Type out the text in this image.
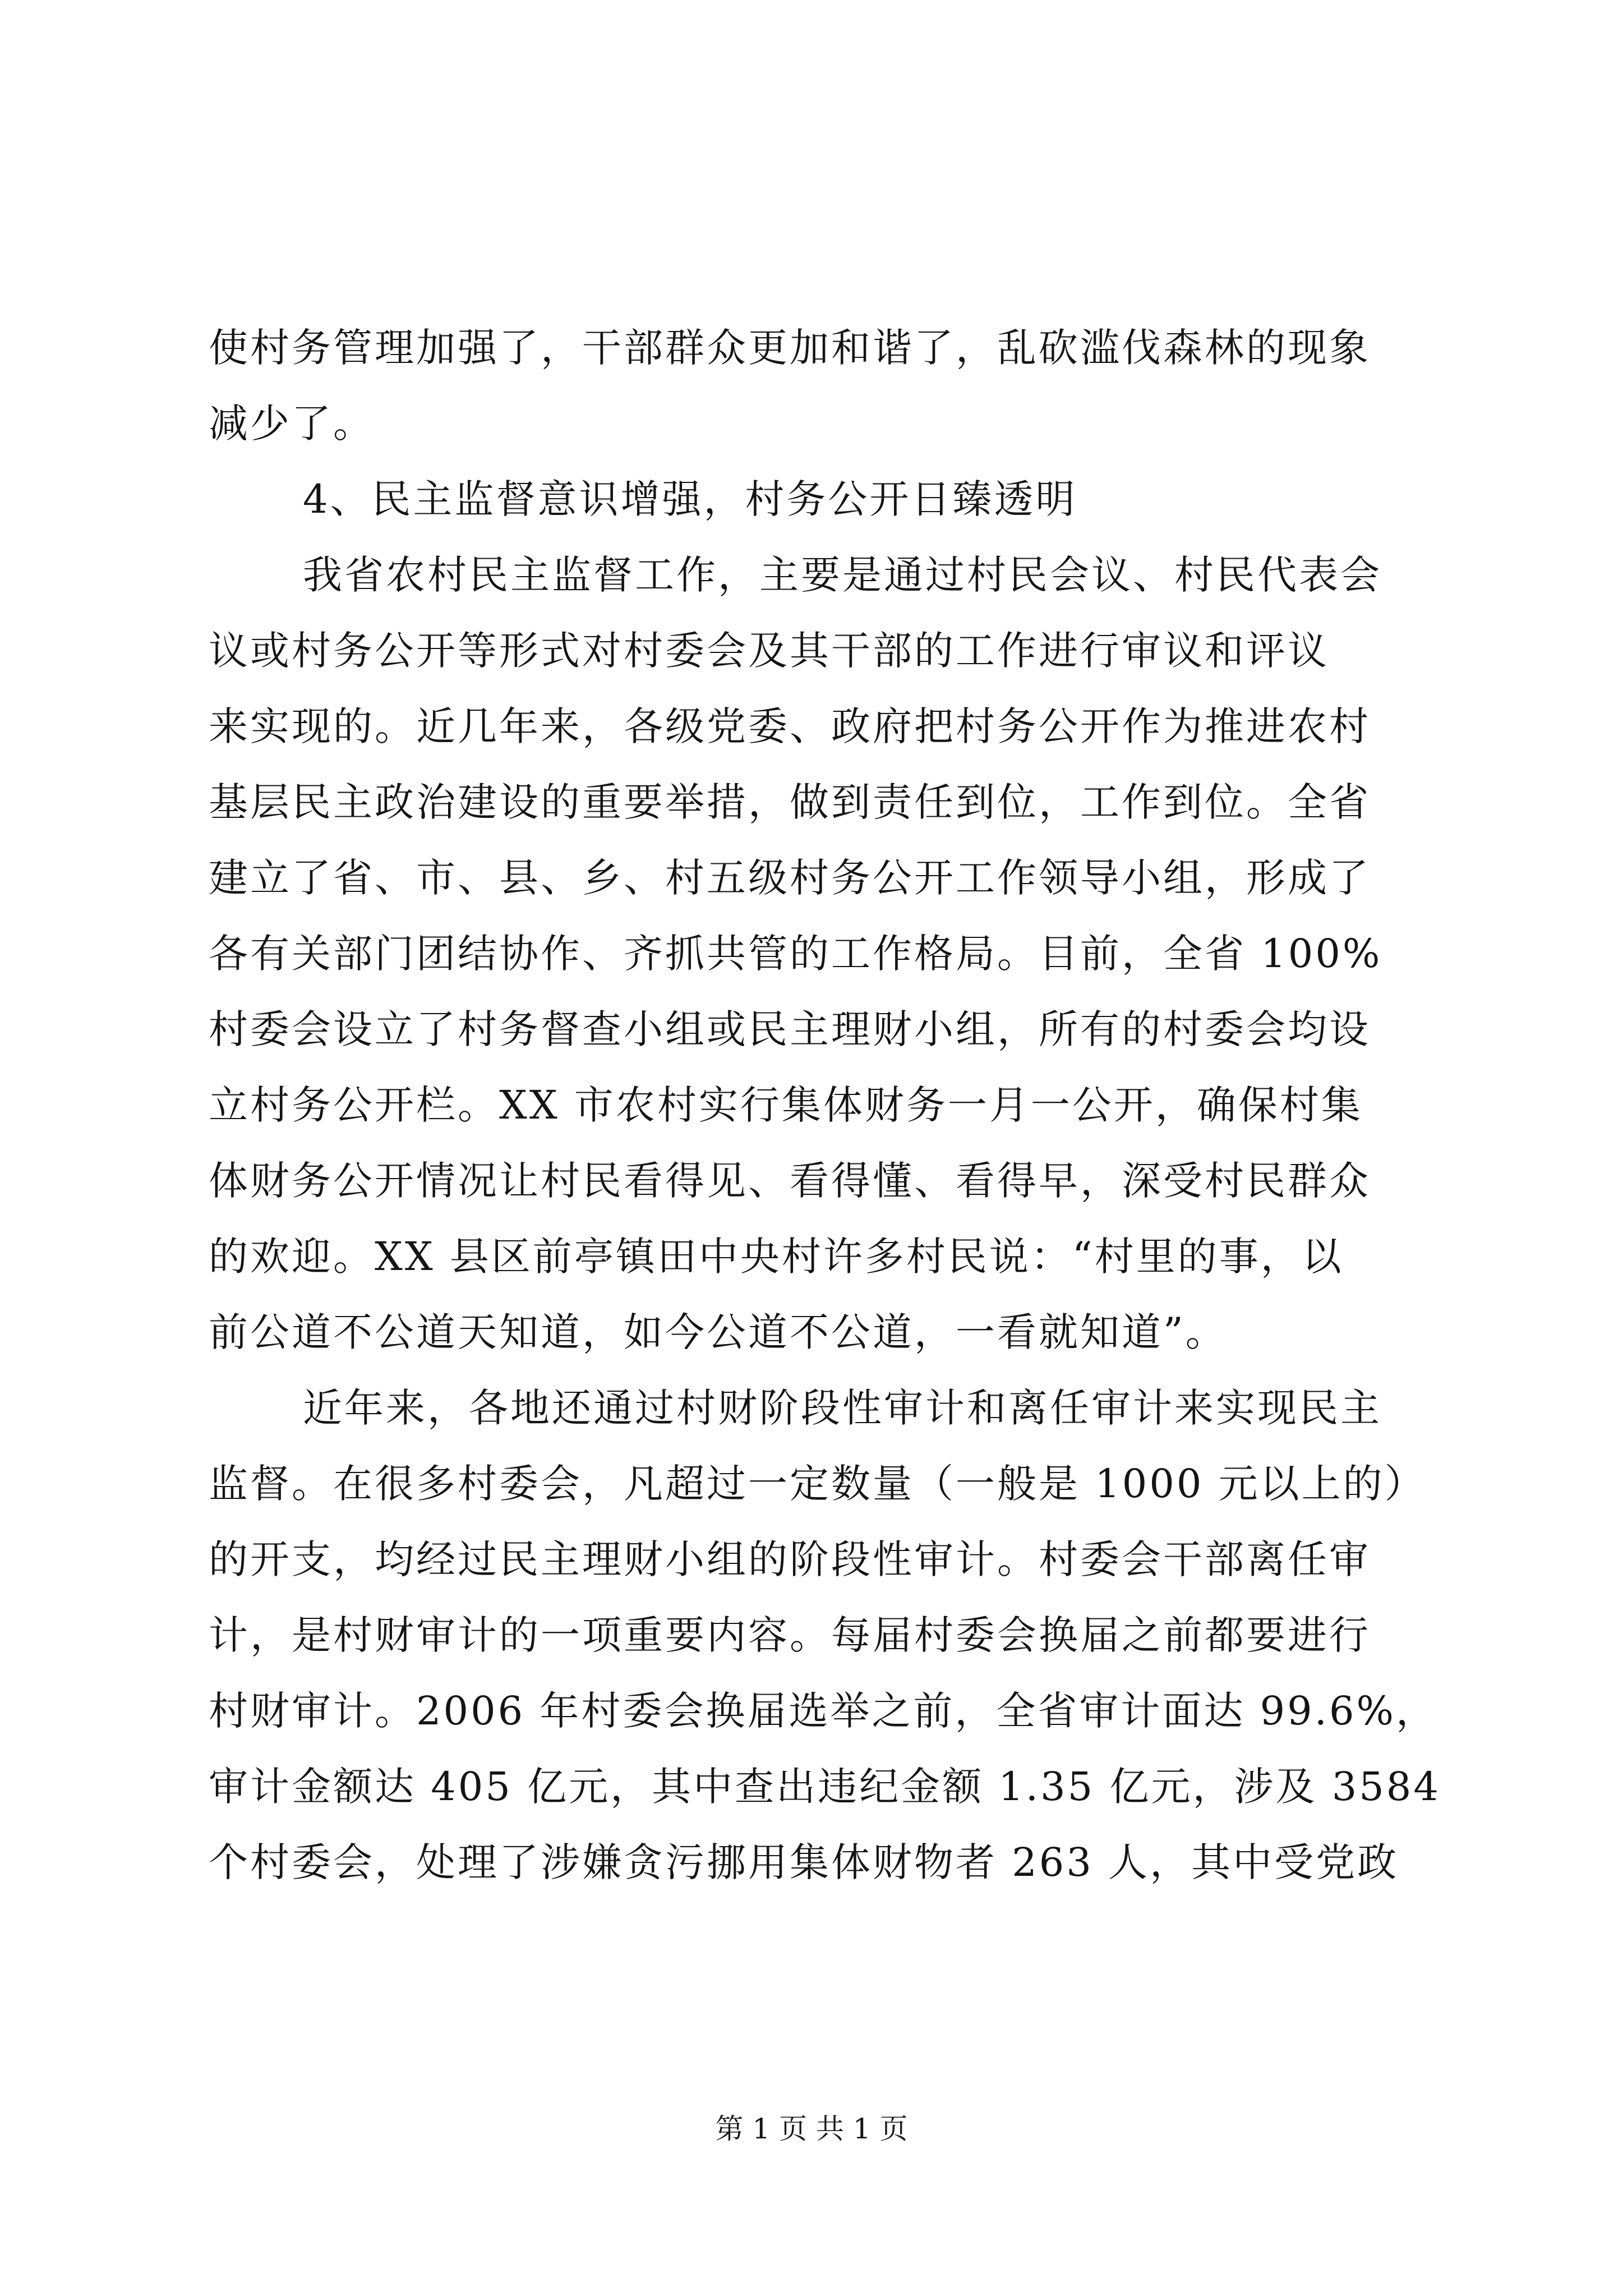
使村务管理加强了，干部群众更加和谐了，乱砍滥伐森林的现象
减少了。
4、民主监督意识增强，村务公开日臻透明
我省农村民主监督工作，主要是通过村民会议、村民代表会
议或村务公开等形式对村委会及其干部的工作进行审议和评议
来实现的。近几年来，各级党委、政府把村务公开作为推进农村
基层民主政治建设的重要举措，做到责任到位，工作到位。全省
建立了省、市、县、乡、村五级村务公开工作领导小组，形成了
各有关部门团结协作、齐抓共管的工作格局。目前，全省 100%
村委会设立了村务督查小组或民主理财小组，所有的村委会均设
立村务公开栏。XX 市农村实行集体财务一月一公开，确保村集
体财务公开情况让村民看得见、看得懂、看得早，深受村民群众
的欢迎。XX 县区前亭镇田中央村许多村民说：“村里的事，以
前公道不公道天知道，如今公道不公道，一看就知道”。
近年来，各地还通过村财阶段性审计和离任审计来实现民主
监督。在很多村委会，凡超过一定数量（一般是 1000 元以上的）
的开支，均经过民主理财小组的阶段性审计。村委会干部离任审
计，是村财审计的一项重要内容。每届村委会换届之前都要进行
村财审计。2006 年村委会换届选举之前，全省审计面达 99.6%，
审计金额达 405 亿元，其中查出违纪金额 1.35 亿元，涉及 3584
个村委会，处理了涉嫌贪污挪用集体财物者 263 人，其中受党政
第 1 页 共 1 页
